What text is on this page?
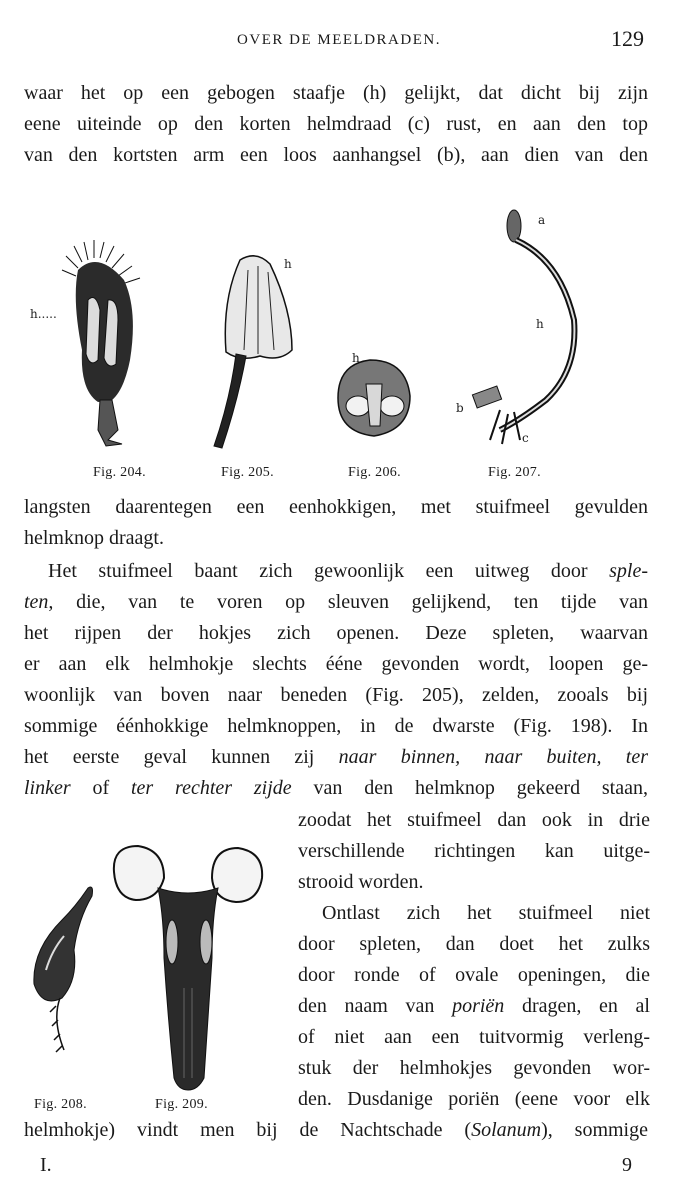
OVER DE MEELDRADEN.	129
waar het op een gebogen staafje (h) gelijkt, dat dicht bij zijn
eene uiteinde op den korten helmdraad (c) rust, en aan den top
van den kortsten arm een loos aanhangsel (b), aan dien van den
h.....
Fig. 204.
h
Fig. 205.
h
Fig. 206.
a
h
b
c
Fig. 207.
langsten daarentegen een eenhokkigen, met stuifmeel gevulden
helmknop draagt.
Het stuifmeel baant zich gewoonlijk een uitweg door sple-
ten, die, van te voren op sleuven gelijkend, ten tijde van
het rijpen der hokjes zich openen. Deze spleten, waarvan
er aan elk helmhokje slechts ééne gevonden wordt, loopen ge-
woonlijk van boven naar beneden (Fig. 205), zelden, zooals bij
sommige éénhokkige helmknoppen, in de dwarste (Fig. 198). In
het eerste geval kunnen zij naar binnen, naar buiten, ter
linker of ter rechter zijde van den helmknop gekeerd staan,
zoodat het stuifmeel dan ook in drie
verschillende richtingen kan uitge-
strooid worden.
Ontlast zich het stuifmeel niet
door spleten, dan doet het zulks
door ronde of ovale openingen, die
den naam van poriën dragen, en al
of niet aan een tuitvormig verleng-
stuk der helmhokjes gevonden wor-
den. Dusdanige poriën (eene voor elk
helmhokje) vindt men bij de Nachtschade (Solanum), sommige
Fig. 208.	Fig. 209.
I.	9
